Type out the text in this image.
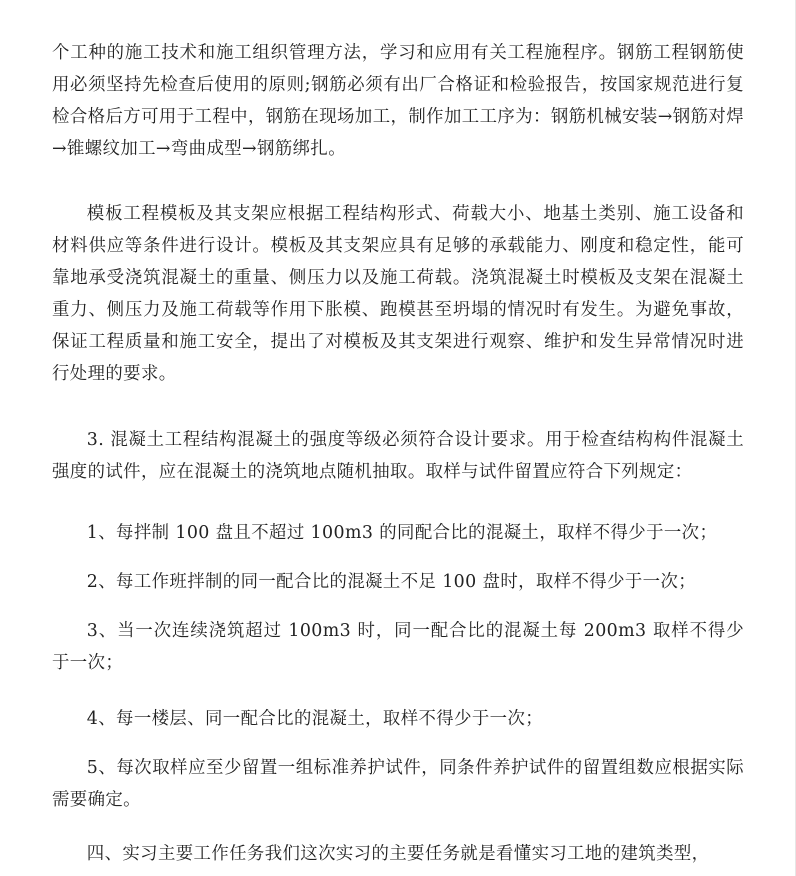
个工种的施工技术和施工组织管理方法，学习和应用有关工程施程序。钢筋工程钢筋使用必须坚持先检查后使用的原则;钢筋必须有出厂合格证和检验报告，按国家规范进行复检合格后方可用于工程中，钢筋在现场加工，制作加工工序为：钢筋机械安装→钢筋对焊→锥螺纹加工→弯曲成型→钢筋绑扎。

模板工程模板及其支架应根据工程结构形式、荷载大小、地基土类别、施工设备和材料供应等条件进行设计。模板及其支架应具有足够的承载能力、刚度和稳定性，能可靠地承受浇筑混凝土的重量、侧压力以及施工荷载。浇筑混凝土时模板及支架在混凝土重力、侧压力及施工荷载等作用下胀模、跑模甚至坍塌的情况时有发生。为避免事故，保证工程质量和施工安全，提出了对模板及其支架进行观察、维护和发生异常情况时进行处理的要求。

3. 混凝土工程结构混凝土的强度等级必须符合设计要求。用于检查结构构件混凝土强度的试件，应在混凝土的浇筑地点随机抽取。取样与试件留置应符合下列规定：

1、每拌制 100 盘且不超过 100m3 的同配合比的混凝土，取样不得少于一次；

2、每工作班拌制的同一配合比的混凝土不足 100 盘时，取样不得少于一次；

3、当一次连续浇筑超过 100m3 时，同一配合比的混凝土每 200m3 取样不得少于一次；

4、每一楼层、同一配合比的混凝土，取样不得少于一次；

5、每次取样应至少留置一组标准养护试件，同条件养护试件的留置组数应根据实际需要确定。

四、实习主要工作任务我们这次实习的主要任务就是看懂实习工地的建筑类型，
